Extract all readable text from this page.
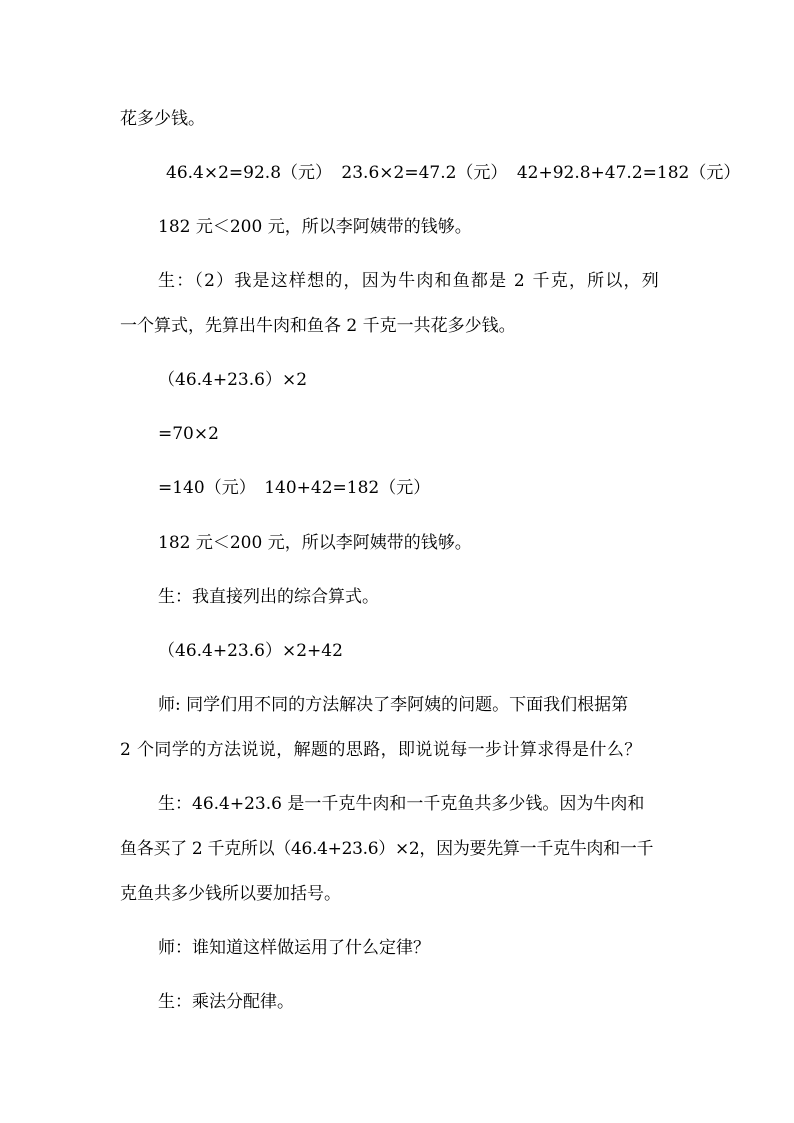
花多少钱。
46.4×2=92.8（元） 23.6×2=47.2（元） 42+92.8+47.2=182（元）
182 元＜200 元，所以李阿姨带的钱够。
生：（2）我是这样想的，因为牛肉和鱼都是 2 千克，所以，列
一个算式，先算出牛肉和鱼各 2 千克一共花多少钱。
（46.4+23.6）×2
=70×2
=140（元）　140+42=182（元）
182 元＜200 元，所以李阿姨带的钱够。
生：我直接列出的综合算式。
（46.4+23.6）×2+42
师: 同学们用不同的方法解决了李阿姨的问题。下面我们根据第
2 个同学的方法说说，解题的思路，即说说每一步计算求得是什么？
生：46.4+23.6 是一千克牛肉和一千克鱼共多少钱。因为牛肉和
鱼各买了 2 千克所以（46.4+23.6）×2，因为要先算一千克牛肉和一千
克鱼共多少钱所以要加括号。
师：谁知道这样做运用了什么定律？
生：乘法分配律。
